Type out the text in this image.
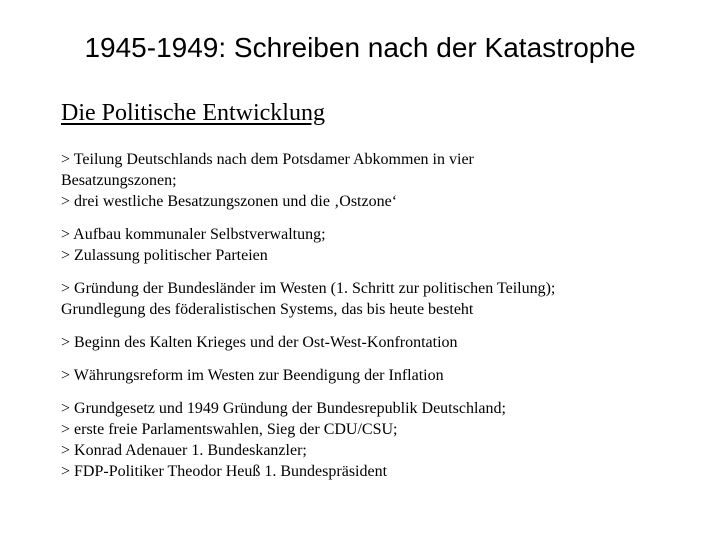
1945-1949: Schreiben nach der Katastrophe
Die Politische Entwicklung
> Teilung Deutschlands nach dem Potsdamer Abkommen in vier
Besatzungszonen;
> drei westliche Besatzungszonen und die ‚Ostzone‘
> Aufbau kommunaler Selbstverwaltung;
> Zulassung politischer Parteien
> Gründung der Bundesländer im Westen (1. Schritt zur politischen Teilung);
Grundlegung des föderalistischen Systems, das bis heute besteht
> Beginn des Kalten Krieges und der Ost-West-Konfrontation
> Währungsreform im Westen zur Beendigung der Inflation
> Grundgesetz und 1949 Gründung der Bundesrepublik Deutschland;
> erste freie Parlamentswahlen, Sieg der CDU/CSU;
> Konrad Adenauer 1. Bundeskanzler;
> FDP-Politiker Theodor Heuß 1. Bundespräsident
